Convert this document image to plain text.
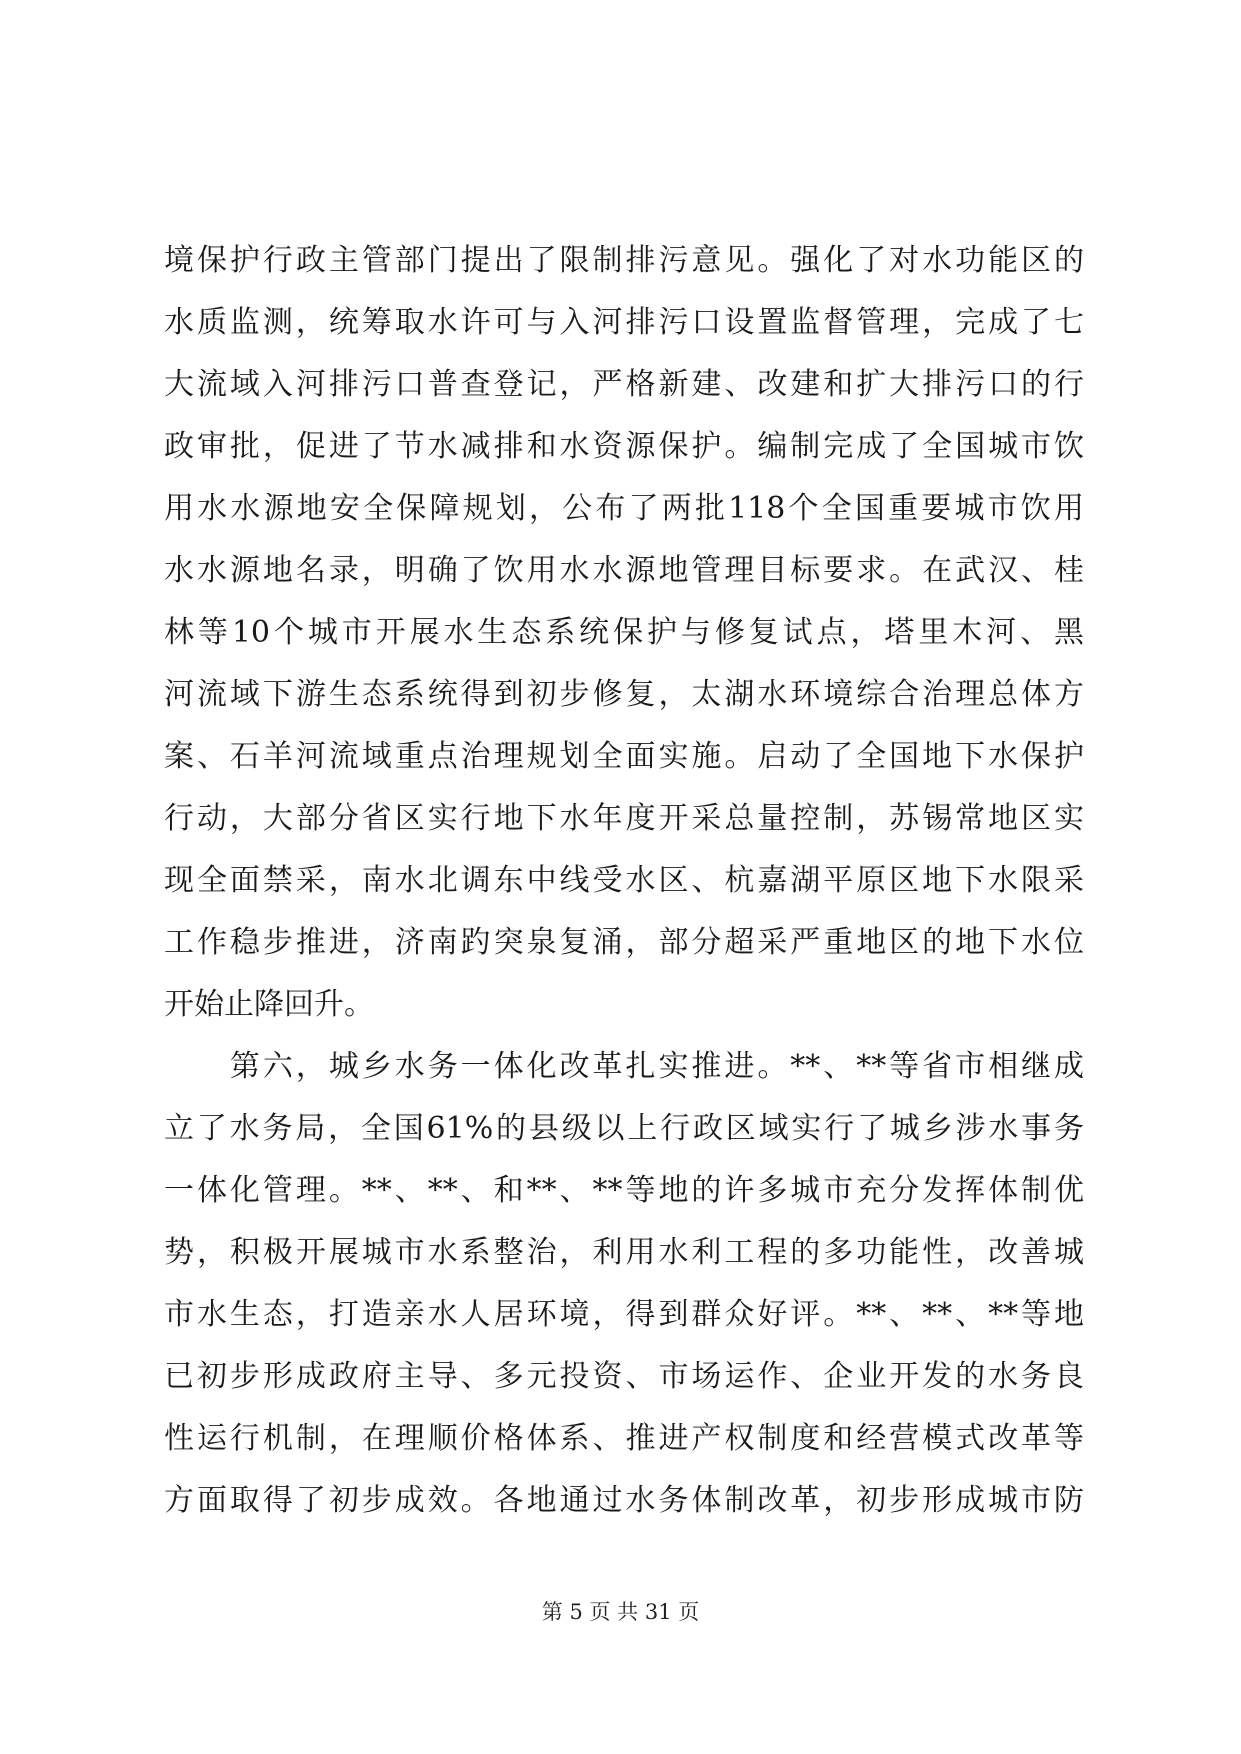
境保护行政主管部门提出了限制排污意见。强化了对水功能区的
水质监测，统筹取水许可与入河排污口设置监督管理，完成了七
大流域入河排污口普查登记，严格新建、改建和扩大排污口的行
政审批，促进了节水减排和水资源保护。编制完成了全国城市饮
用水水源地安全保障规划，公布了两批118个全国重要城市饮用
水水源地名录，明确了饮用水水源地管理目标要求。在武汉、桂
林等10个城市开展水生态系统保护与修复试点，塔里木河、黑
河流域下游生态系统得到初步修复，太湖水环境综合治理总体方
案、石羊河流域重点治理规划全面实施。启动了全国地下水保护
行动，大部分省区实行地下水年度开采总量控制，苏锡常地区实
现全面禁采，南水北调东中线受水区、杭嘉湖平原区地下水限采
工作稳步推进，济南趵突泉复涌，部分超采严重地区的地下水位
开始止降回升。
　　第六，城乡水务一体化改革扎实推进。**、**等省市相继成
立了水务局，全国61%的县级以上行政区域实行了城乡涉水事务
一体化管理。**、**、和**、**等地的许多城市充分发挥体制优
势，积极开展城市水系整治，利用水利工程的多功能性，改善城
市水生态，打造亲水人居环境，得到群众好评。**、**、**等地
已初步形成政府主导、多元投资、市场运作、企业开发的水务良
性运行机制，在理顺价格体系、推进产权制度和经营模式改革等
方面取得了初步成效。各地通过水务体制改革，初步形成城市防
第 5 页 共 31 页
